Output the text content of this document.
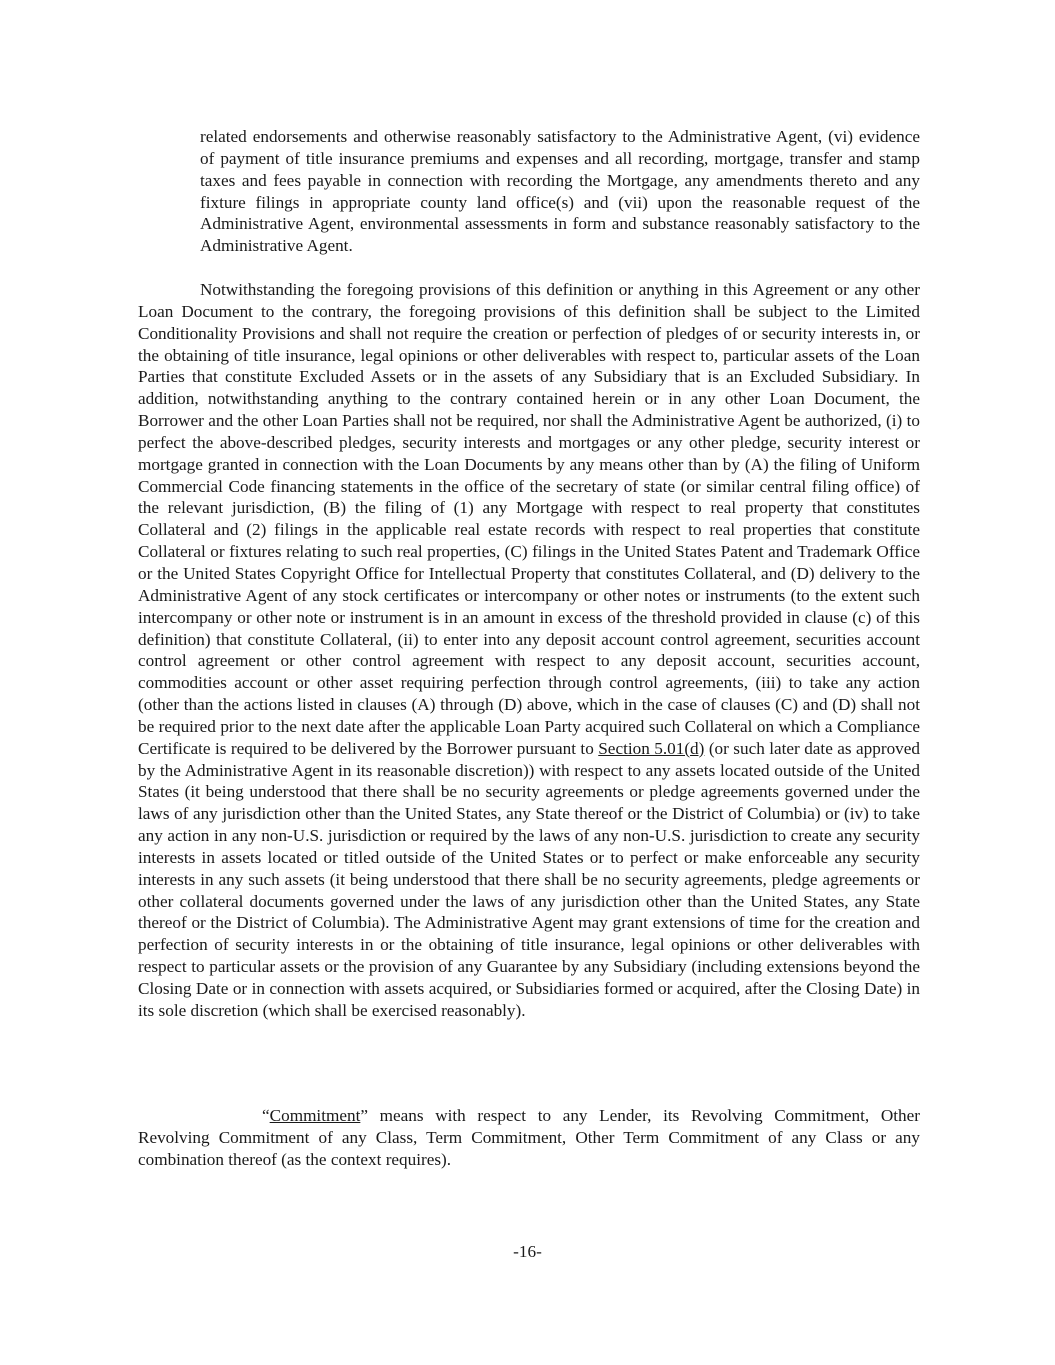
related endorsements and otherwise reasonably satisfactory to the Administrative Agent, (vi) evidence of payment of title insurance premiums and expenses and all recording, mortgage, transfer and stamp taxes and fees payable in connection with recording the Mortgage, any amendments thereto and any fixture filings in appropriate county land office(s) and (vii) upon the reasonable request of the Administrative Agent, environmental assessments in form and substance reasonably satisfactory to the Administrative Agent.

Notwithstanding the foregoing provisions of this definition or anything in this Agreement or any other Loan Document to the contrary, the foregoing provisions of this definition shall be subject to the Limited Conditionality Provisions and shall not require the creation or perfection of pledges of or security interests in, or the obtaining of title insurance, legal opinions or other deliverables with respect to, particular assets of the Loan Parties that constitute Excluded Assets or in the assets of any Subsidiary that is an Excluded Subsidiary. In addition, notwithstanding anything to the contrary contained herein or in any other Loan Document, the Borrower and the other Loan Parties shall not be required, nor shall the Administrative Agent be authorized, (i) to perfect the above-described pledges, security interests and mortgages or any other pledge, security interest or mortgage granted in connection with the Loan Documents by any means other than by (A) the filing of Uniform Commercial Code financing statements in the office of the secretary of state (or similar central filing office) of the relevant jurisdiction, (B) the filing of (1) any Mortgage with respect to real property that constitutes Collateral and (2) filings in the applicable real estate records with respect to real properties that constitute Collateral or fixtures relating to such real properties, (C) filings in the United States Patent and Trademark Office or the United States Copyright Office for Intellectual Property that constitutes Collateral, and (D) delivery to the Administrative Agent of any stock certificates or intercompany or other notes or instruments (to the extent such intercompany or other note or instrument is in an amount in excess of the threshold provided in clause (c) of this definition) that constitute Collateral, (ii) to enter into any deposit account control agreement, securities account control agreement or other control agreement with respect to any deposit account, securities account, commodities account or other asset requiring perfection through control agreements, (iii) to take any action (other than the actions listed in clauses (A) through (D) above, which in the case of clauses (C) and (D) shall not be required prior to the next date after the applicable Loan Party acquired such Collateral on which a Compliance Certificate is required to be delivered by the Borrower pursuant to Section 5.01(d) (or such later date as approved by the Administrative Agent in its reasonable discretion)) with respect to any assets located outside of the United States (it being understood that there shall be no security agreements or pledge agreements governed under the laws of any jurisdiction other than the United States, any State thereof or the District of Columbia) or (iv) to take any action in any non-U.S. jurisdiction or required by the laws of any non-U.S. jurisdiction to create any security interests in assets located or titled outside of the United States or to perfect or make enforceable any security interests in any such assets (it being understood that there shall be no security agreements, pledge agreements or other collateral documents governed under the laws of any jurisdiction other than the United States, any State thereof or the District of Columbia). The Administrative Agent may grant extensions of time for the creation and perfection of security interests in or the obtaining of title insurance, legal opinions or other deliverables with respect to particular assets or the provision of any Guarantee by any Subsidiary (including extensions beyond the Closing Date or in connection with assets acquired, or Subsidiaries formed or acquired, after the Closing Date) in its sole discretion (which shall be exercised reasonably).

“Commitment” means with respect to any Lender, its Revolving Commitment, Other Revolving Commitment of any Class, Term Commitment, Other Term Commitment of any Class or any combination thereof (as the context requires).

-16-
